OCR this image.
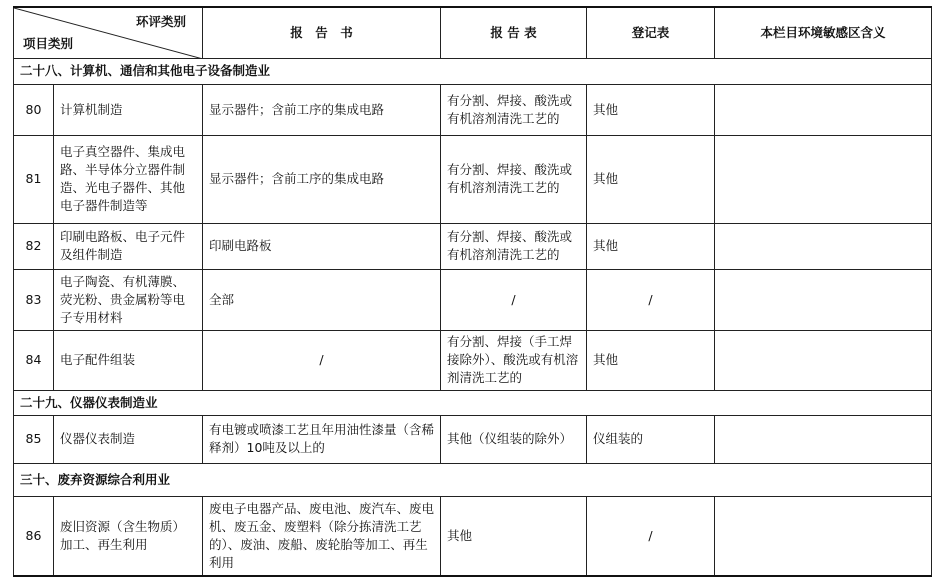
环评类别
项目类别		报　告　书	报 告 表	登记表	本栏目环境敏感区含义
二十八、计算机、通信和其他电子设备制造业					
80	计算机制造	显示器件；含前工序的集成电路	有分割、焊接、酸洗或有机溶剂清洗工艺的	其他	
81	电子真空器件、集成电路、半导体分立器件制造、光电子器件、其他电子器件制造等	显示器件；含前工序的集成电路	有分割、焊接、酸洗或有机溶剂清洗工艺的	其他	
82	印刷电路板、电子元件及组件制造	印刷电路板	有分割、焊接、酸洗或有机溶剂清洗工艺的	其他	
83	电子陶瓷、有机薄膜、荧光粉、贵金属粉等电子专用材料	全部	/	/	
84	电子配件组装	/	有分割、焊接（手工焊接除外）、酸洗或有机溶剂清洗工艺的	其他	
二十九、仪器仪表制造业					
85	仪器仪表制造	有电镀或喷漆工艺且年用油性漆量（含稀释剂）10吨及以上的	其他（仪组装的除外）	仪组装的	
三十、废弃资源综合利用业					
86	废旧资源（含生物质）加工、再生利用	废电子电器产品、废电池、废汽车、废电机、废五金、废塑料（除分拣清洗工艺的）、废油、废船、废轮胎等加工、再生利用	其他	/	
